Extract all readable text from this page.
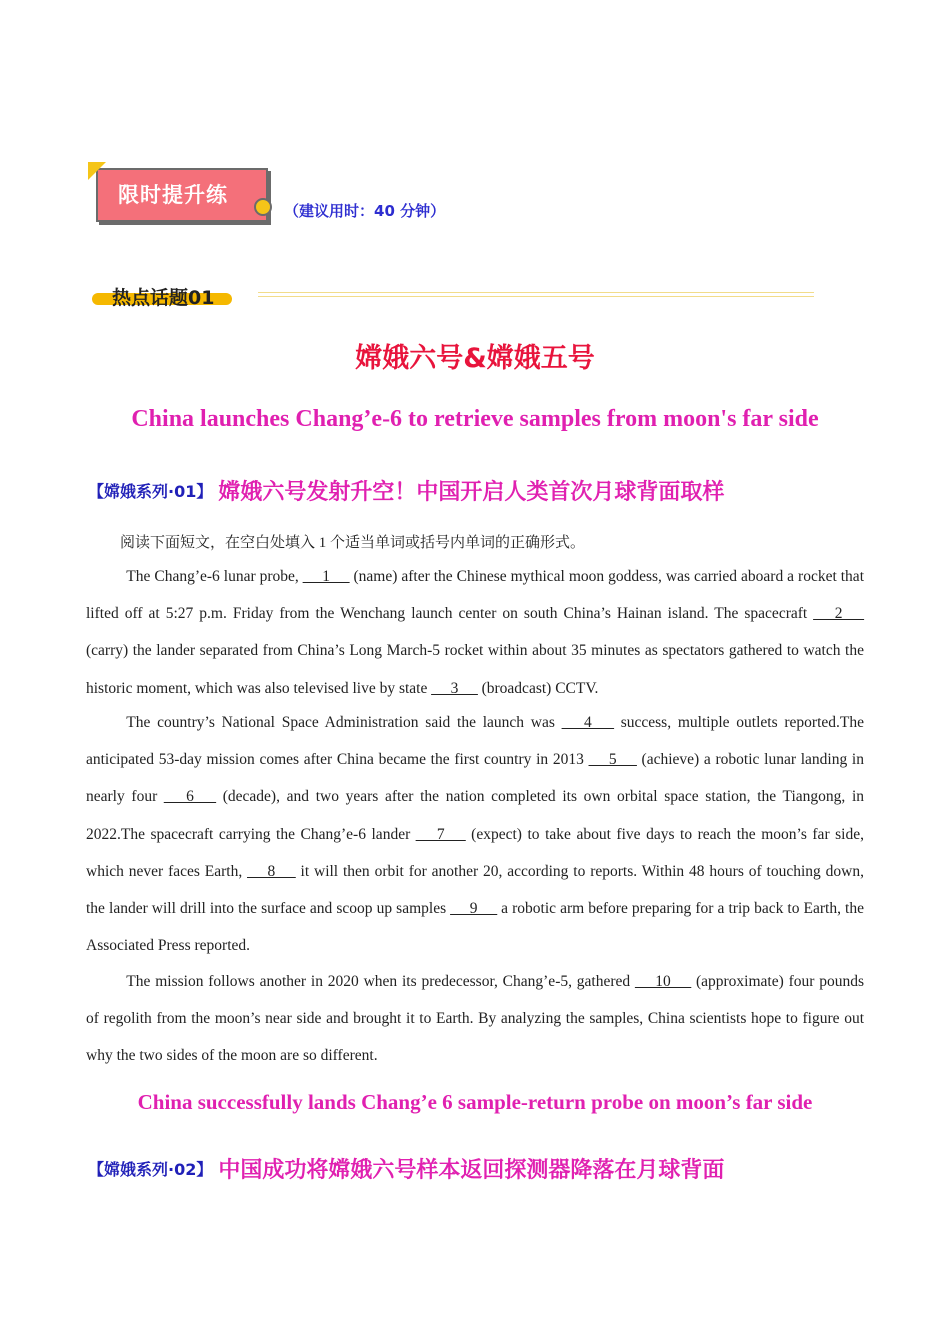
限时提升练
（建议用时：40 分钟）
热点话题01
嫦娥六号&嫦娥五号
China launches Chang’e-6 to retrieve samples from moon's far side
【嫦娥系列·01】 嫦娥六号发射升空！中国开启人类首次月球背面取样
阅读下面短文，在空白处填入 1 个适当单词或括号内单词的正确形式。

The Chang’e-6 lunar probe, __ 1 __ (name) after the Chinese mythical moon goddess, was carried aboard a rocket that lifted off at 5:27 p.m. Friday from the Wenchang launch center on south China’s Hainan island. The spacecraft __ 2 __ (carry) the lander separated from China’s Long March-5 rocket within about 35 minutes as spectators gathered to watch the historic moment, which was also televised live by state __ 3 __ (broadcast) CCTV.

The country’s National Space Administration said the launch was __ 4 __ success, multiple outlets reported.The anticipated 53-day mission comes after China became the first country in 2013 __ 5 __ (achieve) a robotic lunar landing in nearly four __ 6 __ (decade), and two years after the nation completed its own orbital space station, the Tiangong, in 2022.The spacecraft carrying the Chang’e-6 lander __ 7 __ (expect) to take about five days to reach the moon’s far side, which never faces Earth, __ 8 __ it will then orbit for another 20, according to reports. Within 48 hours of touching down, the lander will drill into the surface and scoop up samples __ 9 __ a robotic arm before preparing for a trip back to Earth, the Associated Press reported.

The mission follows another in 2020 when its predecessor, Chang’e-5, gathered __ 10 __ (approximate) four pounds of regolith from the moon’s near side and brought it to Earth. By analyzing the samples, China scientists hope to figure out why the two sides of the moon are so different.

China successfully lands Chang’e 6 sample-return probe on moon’s far side
【嫦娥系列·02】 中国成功将嫦娥六号样本返回探测器降落在月球背面
